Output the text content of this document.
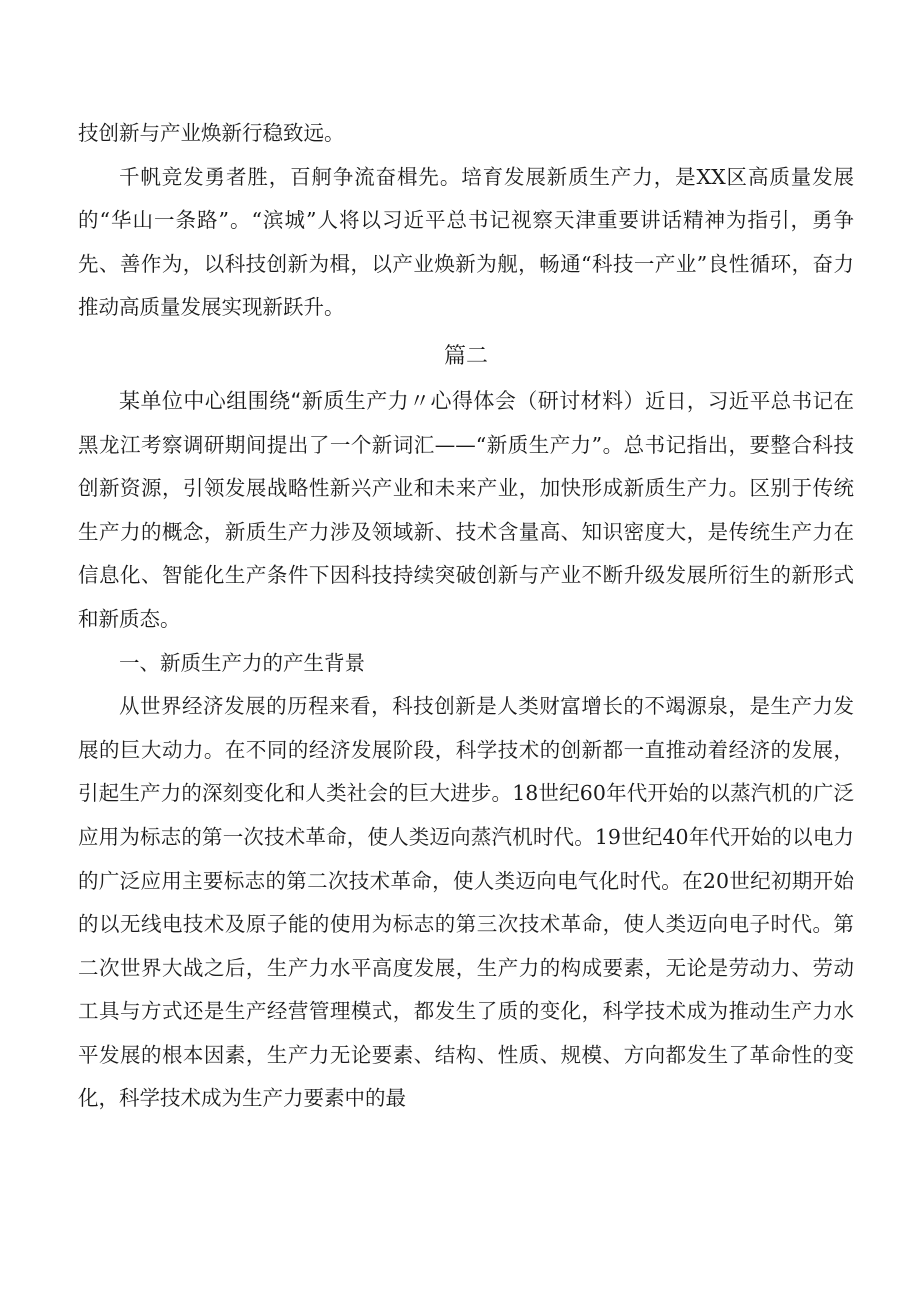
技创新与产业焕新行稳致远。

千帆竞发勇者胜，百舸争流奋楫先。培育发展新质生产力，是XX区高质量发展的“华山一条路”。“滨城”人将以习近平总书记视察天津重要讲话精神为指引，勇争先、善作为，以科技创新为楫，以产业焕新为舰，畅通“科技一产业”良性循环，奋力推动高质量发展实现新跃升。

篇二

某单位中心组围绕“新质生产力〃心得体会（研讨材料）近日，习近平总书记在黑龙江考察调研期间提出了一个新词汇——“新质生产力”。总书记指出，要整合科技创新资源，引领发展战略性新兴产业和未来产业，加快形成新质生产力。区别于传统生产力的概念，新质生产力涉及领域新、技术含量高、知识密度大，是传统生产力在信息化、智能化生产条件下因科技持续突破创新与产业不断升级发展所衍生的新形式和新质态。

一、新质生产力的产生背景

从世界经济发展的历程来看，科技创新是人类财富增长的不竭源泉，是生产力发展的巨大动力。在不同的经济发展阶段，科学技术的创新都一直推动着经济的发展，引起生产力的深刻变化和人类社会的巨大进步。18世纪60年代开始的以蒸汽机的广泛应用为标志的第一次技术革命，使人类迈向蒸汽机时代。19世纪40年代开始的以电力的广泛应用主要标志的第二次技术革命，使人类迈向电气化时代。在20世纪初期开始的以无线电技术及原子能的使用为标志的第三次技术革命，使人类迈向电子时代。第二次世界大战之后，生产力水平高度发展，生产力的构成要素，无论是劳动力、劳动工具与方式还是生产经营管理模式，都发生了质的变化，科学技术成为推动生产力水平发展的根本因素，生产力无论要素、结构、性质、规模、方向都发生了革命性的变化，科学技术成为生产力要素中的最
